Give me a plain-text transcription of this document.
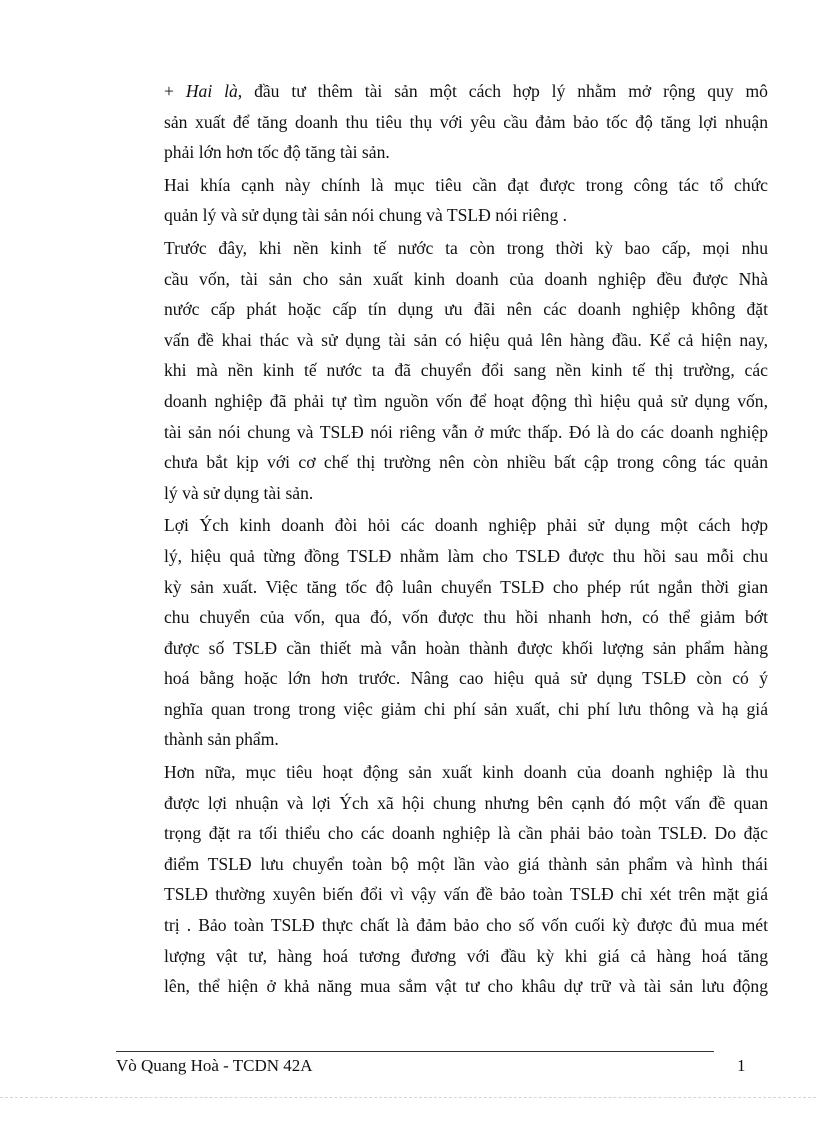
+ Hai là, đầu tư thêm tài sản một cách hợp lý nhằm mở rộng quy mô
sản xuất để tăng doanh thu tiêu thụ với yêu cầu đảm bảo tốc độ tăng lợi nhuận
phải lớn hơn tốc độ tăng tài sản.

Hai khía cạnh này chính là mục tiêu cần đạt được trong công tác tổ chức
quản lý và sử dụng tài sản nói chung và TSLĐ nói riêng .

Trước đây, khi nền kinh tế nước ta còn trong thời kỳ bao cấp, mọi nhu
cầu vốn, tài sản cho sản xuất kinh doanh của doanh nghiệp đều được Nhà
nước cấp phát hoặc cấp tín dụng ưu đãi nên các doanh nghiệp không đặt
vấn đề khai thác và sử dụng tài sản có hiệu quả lên hàng đầu. Kể cả hiện nay,
khi mà nền kinh tế nước ta đã chuyển đổi sang nền kinh tế thị trường, các
doanh nghiệp đã phải tự tìm nguồn vốn để hoạt động thì hiệu quả sử dụng vốn,
tài sản nói chung và TSLĐ nói riêng vẫn ở mức thấp. Đó là do các doanh nghiệp
chưa bắt kịp với cơ chế thị trường nên còn nhiều bất cập trong công tác quản
lý và sử dụng tài sản.

Lợi Ých kinh doanh đòi hỏi các doanh nghiệp phải sử dụng một cách hợp
lý, hiệu quả từng đồng TSLĐ nhằm làm cho TSLĐ được thu hồi sau mỗi chu
kỳ sản xuất. Việc tăng tốc độ luân chuyển TSLĐ cho phép rút ngắn thời gian
chu chuyển của vốn, qua đó, vốn được thu hồi nhanh hơn, có thể giảm bớt
được số TSLĐ cần thiết mà vẫn hoàn thành được khối lượng sản phẩm hàng
hoá bằng hoặc lớn hơn trước. Nâng cao hiệu quả sử dụng TSLĐ còn có ý
nghĩa quan trong trong việc giảm chi phí sản xuất, chi phí lưu thông và hạ giá
thành sản phẩm.

Hơn nữa, mục tiêu hoạt động sản xuất kinh doanh của doanh nghiệp là thu
được lợi nhuận và lợi Ých xã hội chung nhưng bên cạnh đó một vấn đề quan
trọng đặt ra tối thiểu cho các doanh nghiệp là cần phải bảo toàn TSLĐ. Do đặc
điểm TSLĐ lưu chuyển toàn bộ một lần vào giá thành sản phẩm và hình thái
TSLĐ thường xuyên biến đổi vì vậy vấn đề bảo toàn TSLĐ chỉ xét trên mặt giá
trị . Bảo toàn TSLĐ thực chất là đảm bảo cho số vốn cuối kỳ được đủ mua mét
lượng vật tư, hàng hoá tương đương với đầu kỳ khi giá cả hàng hoá tăng
lên, thể hiện ở khả năng mua sắm vật tư cho khâu dự trữ và tài sản lưu động

Vò Quang Hoà - TCDN 42A	1
